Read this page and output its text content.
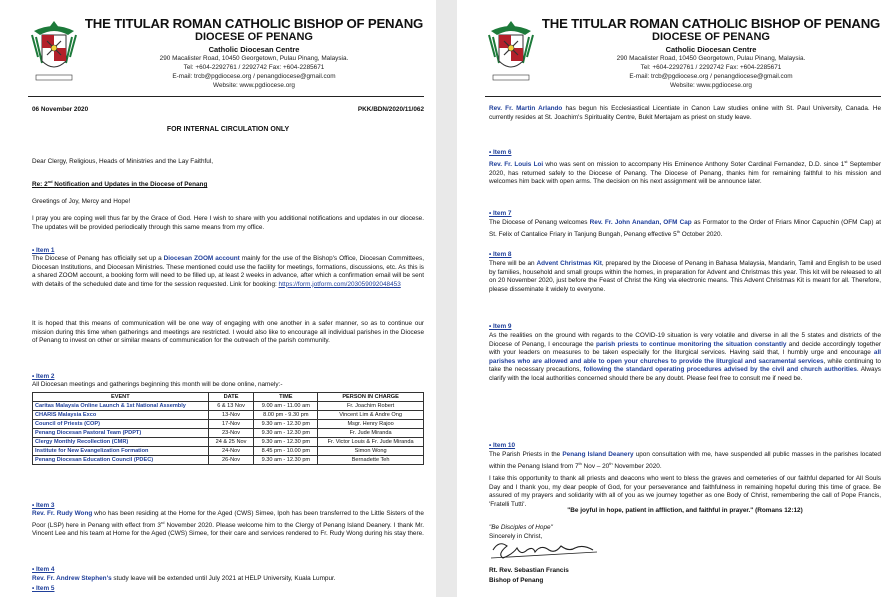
THE TITULAR ROMAN CATHOLIC BISHOP OF PENANG
DIOCESE OF PENANG
Catholic Diocesan Centre
290 Macalister Road, 10450 Georgetown, Pulau Pinang, Malaysia.
Tel: +604-2292761 / 2292742 Fax: +604-2285671
E-mail: trcb@pgdiocese.org / penangdiocese@gmail.com
Website: www.pgdiocese.org
06 November 2020	PKK/BDN/2020/11/062
FOR INTERNAL CIRCULATION ONLY
Dear Clergy, Religious, Heads of Ministries and the Lay Faithful,
Re: 2nd Notification and Updates in the Diocese of Penang
Greetings of Joy, Mercy and Hope!
I pray you are coping well thus far by the Grace of God. Here I wish to share with you additional notifications and updates in our diocese. The updates will be provided periodically through this same means from my office.
• Item 1
The Diocese of Penang has officially set up a Diocesan ZOOM account mainly for the use of the Bishop's Office, Diocesan Committees, Diocesan Institutions, and Diocesan Ministries. These mentioned could use the facility for meetings, formations, discussions, etc. As this is a shared ZOOM account, a booking form will need to be filled up, at least 2 weeks in advance, after which a confirmation email will be sent with details of the scheduled date and time for the session requested. Link for booking: https://form.jotform.com/203059092048453
It is hoped that this means of communication will be one way of engaging with one another in a safer manner, so as to continue our mission during this time when gatherings and meetings are restricted. I would also like to encourage all individual parishes in the Diocese of Penang to invest on other or similar means of communication for the outreach of the parish community.
• Item 2
All Diocesan meetings and gatherings beginning this month will be done online, namely:-
EVENT	DATE	TIME	PERSON IN CHARGE
Caritas Malaysia Online Launch & 1st National Assembly	6 & 13 Nov	9.00 am - 11.00 am	Fr. Joachim Robert
CHARIS Malaysia Exco	13-Nov	8.00 pm - 9.30 pm	Vincent Lim & Andre Ong
Council of Priests (COP)	17-Nov	9.30 am - 12.30 pm	Msgr. Henry Rajoo
Penang Diocesan Pastoral Team (PDPT)	23-Nov	9.30 am - 12.30 pm	Fr. Jude Miranda
Clergy Monthly Recollection (CMR)	24 & 25 Nov	9.30 am - 12.30 pm	Fr. Victor Louis & Fr. Jude Miranda
Institute for New Evangelization Formation	24-Nov	8.45 pm - 10.00 pm	Simon Wong
Penang Diocesan Education Council (PDEC)	26-Nov	9.30 am - 12.30 pm	Bernadette Teh
• Item 3
Rev. Fr. Rudy Wong who has been residing at the Home for the Aged (CWS) Simee, Ipoh has been transferred to the Little Sisters of the Poor (LSP) here in Penang with effect from 3rd November 2020. Please welcome him to the Clergy of Penang Island Deanery. I thank Mr. Vincent Lee and his team at Home for the Aged (CWS) Simee, for their care and services rendered to Fr. Rudy Wong during his stay there.
• Item 4
Rev. Fr. Andrew Stephen's study leave will be extended until July 2021 at HELP University, Kuala Lumpur.
• Item 5
THE TITULAR ROMAN CATHOLIC BISHOP OF PENANG
DIOCESE OF PENANG
Catholic Diocesan Centre
290 Macalister Road, 10450 Georgetown, Pulau Pinang, Malaysia.
Tel: +604-2292761 / 2292742 Fax: +604-2285671
E-mail: trcb@pgdiocese.org / penangdiocese@gmail.com
Website: www.pgdiocese.org
Rev. Fr. Martin Arlando has begun his Ecclesiastical Licentiate in Canon Law studies online with St. Paul University, Canada. He currently resides at St. Joachim's Spirituality Centre, Bukit Mertajam as priest on study leave.
• Item 6
Rev. Fr. Louis Loi who was sent on mission to accompany His Eminence Anthony Soter Cardinal Fernandez, D.D. since 1st September 2020, has returned safely to the Diocese of Penang. The Diocese of Penang, thanks him for remaining faithful to his mission and welcomes him back with open arms. The decision on his next assignment will be announce later.
• Item 7
The Diocese of Penang welcomes Rev. Fr. John Anandan, OFM Cap as Formator to the Order of Friars Minor Capuchin (OFM Cap) at St. Felix of Cantalice Friary in Tanjung Bungah, Penang effective 5th October 2020.
• Item 8
There will be an Advent Christmas Kit, prepared by the Diocese of Penang in Bahasa Malaysia, Mandarin, Tamil and English to be used by families, household and small groups within the homes, in preparation for Advent and Christmas this year. This kit will be released to all on 20 November 2020, just before the Feast of Christ the King via electronic means. This Advent Christmas Kit is meant for all. Therefore, please disseminate it widely to everyone.
• Item 9
As the realities on the ground with regards to the COVID-19 situation is very volatile and diverse in all the 5 states and districts of the Diocese of Penang, I encourage the parish priests to continue monitoring the situation constantly and decide accordingly together with your leaders on measures to be taken especially for the liturgical services. Having said that, I humbly urge and encourage all parishes who are allowed and able to open your churches to provide the liturgical and sacramental services, while continuing to take the necessary precautions, following the standard operating procedures advised by the civil and church authorities. Always clarify with the local authorities concerned should there be any doubt. Please feel free to consult me if need be.
• Item 10
The Parish Priests in the Penang Island Deanery upon consultation with me, have suspended all public masses in the parishes located within the Penang Island from 7th Nov – 20th November 2020.
I take this opportunity to thank all priests and deacons who went to bless the graves and cemeteries of our faithful departed for All Souls Day and I thank you, my dear people of God, for your perseverance and faithfulness in remaining hopeful during this time of grace. Be assured of my prayers and solidarity with all of you as we journey together as one Body of Christ, remembering the call of Pope Francis, 'Fratelli Tutti'.
"Be joyful in hope, patient in affliction, and faithful in prayer." (Romans 12:12)
"Be Disciples of Hope"
Sincerely in Christ,
Rt. Rev. Sebastian Francis
Bishop of Penang
